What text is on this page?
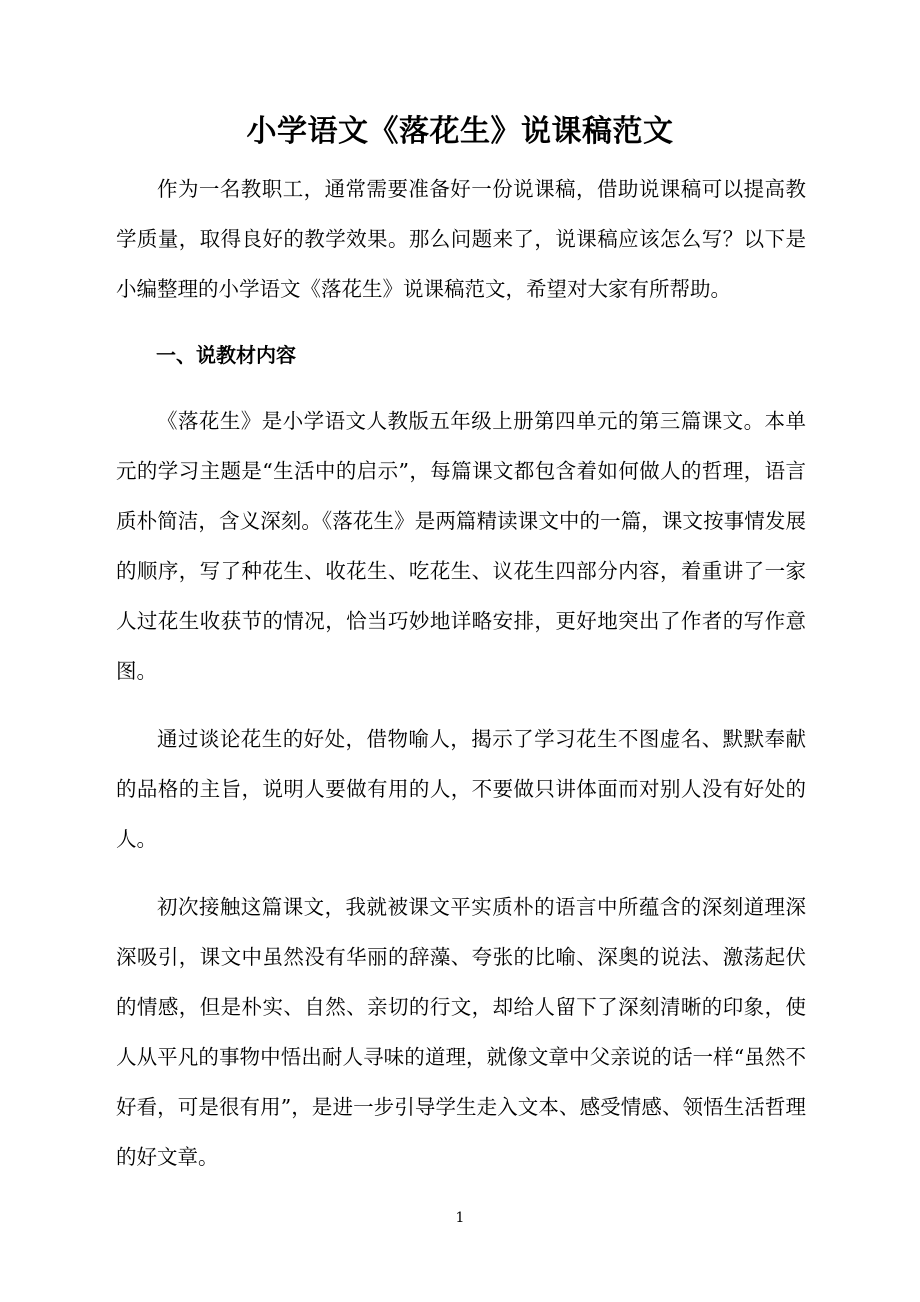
小学语文《落花生》说课稿范文

作为一名教职工，通常需要准备好一份说课稿，借助说课稿可以提高教学质量，取得良好的教学效果。那么问题来了，说课稿应该怎么写？以下是小编整理的小学语文《落花生》说课稿范文，希望对大家有所帮助。

一、说教材内容

《落花生》是小学语文人教版五年级上册第四单元的第三篇课文。本单元的学习主题是“生活中的启示”，每篇课文都包含着如何做人的哲理，语言质朴简洁，含义深刻。《落花生》是两篇精读课文中的一篇，课文按事情发展的顺序，写了种花生、收花生、吃花生、议花生四部分内容，着重讲了一家人过花生收获节的情况，恰当巧妙地详略安排，更好地突出了作者的写作意图。

通过谈论花生的好处，借物喻人，揭示了学习花生不图虚名、默默奉献的品格的主旨，说明人要做有用的人，不要做只讲体面而对别人没有好处的人。

初次接触这篇课文，我就被课文平实质朴的语言中所蕴含的深刻道理深深吸引，课文中虽然没有华丽的辞藻、夸张的比喻、深奥的说法、激荡起伏的情感，但是朴实、自然、亲切的行文，却给人留下了深刻清晰的印象，使人从平凡的事物中悟出耐人寻味的道理，就像文章中父亲说的话一样“虽然不好看，可是很有用”，是进一步引导学生走入文本、感受情感、领悟生活哲理的好文章。

1
